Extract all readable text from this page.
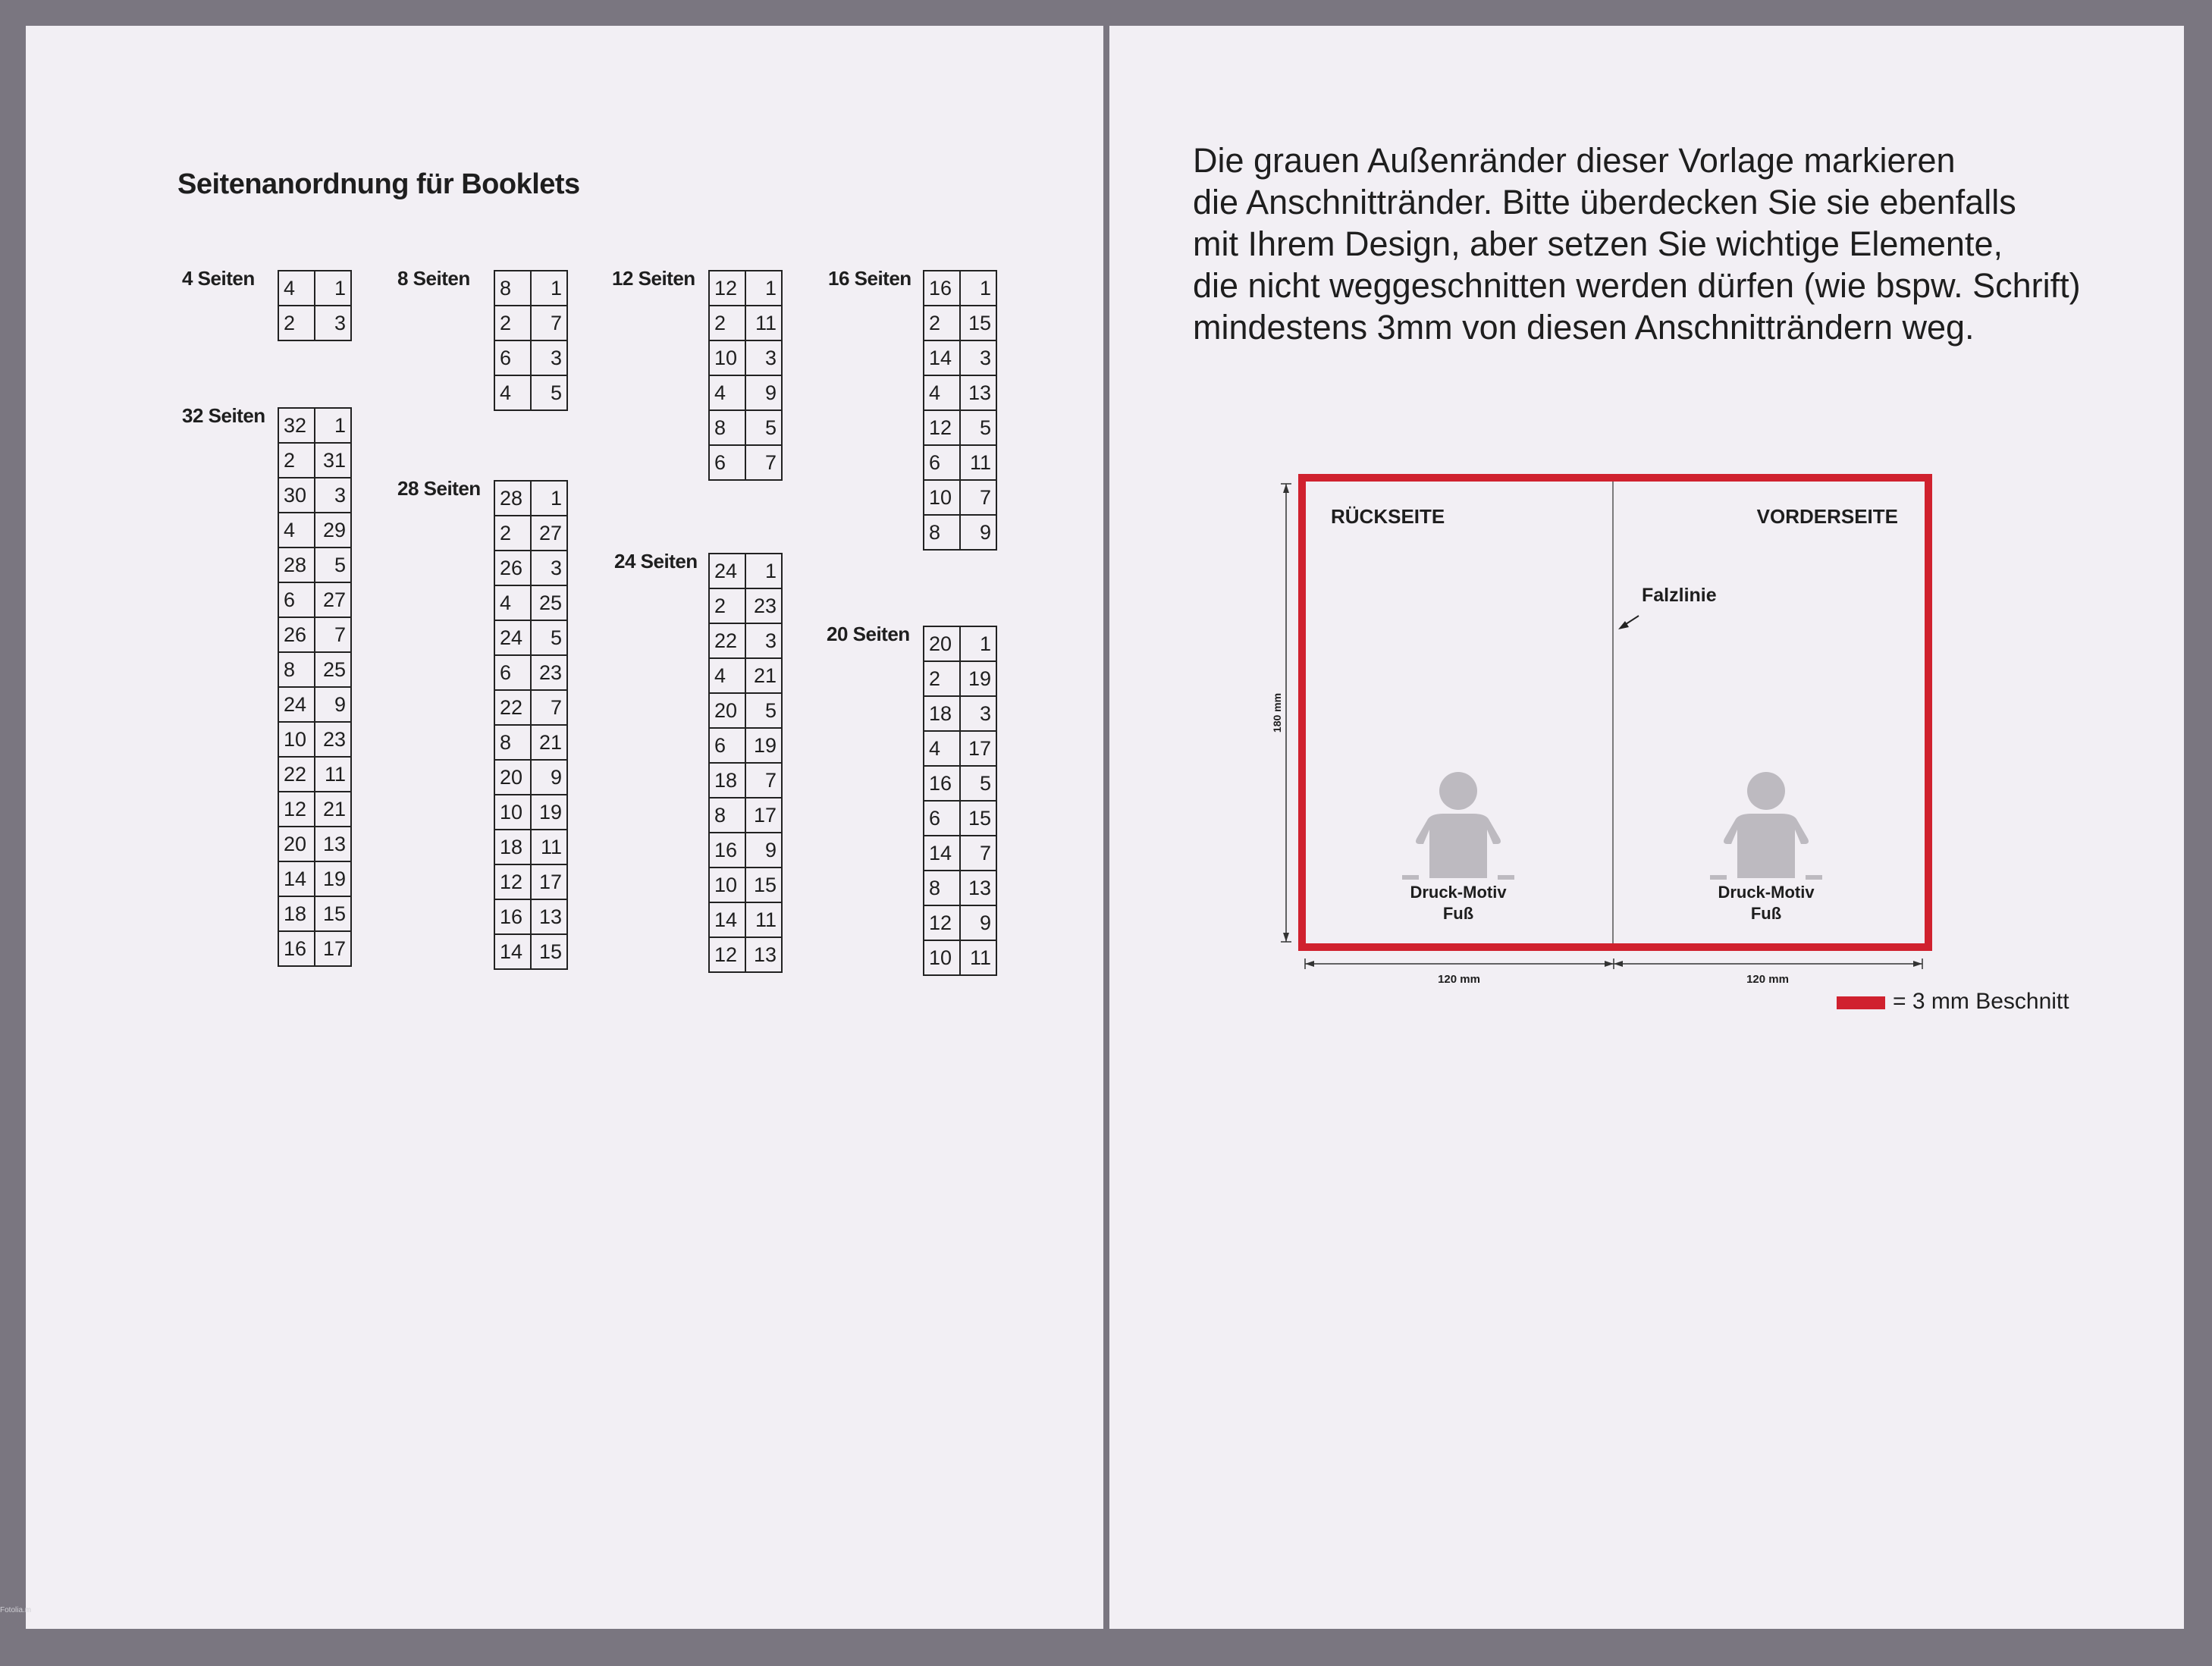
Seitenanordnung für Booklets
4 Seiten 4	1
2	3
8 Seiten 8	1
2	7
6	3
4	5
12 Seiten 12	1
2	11
10	3
4	9
8	5
6	7
16 Seiten 16	1
2	15
14	3
4	13
12	5
6	11
10	7
8	9
32 Seiten 32	1
2	31
30	3
4	29
28	5
6	27
26	7
8	25
24	9
10	23
22	11
12	21
20	13
14	19
18	15
16	17
28 Seiten 28	1
2	27
26	3
4	25
24	5
6	23
22	7
8	21
20	9
10	19
18	11
12	17
16	13
14	15
24 Seiten 24	1
2	23
22	3
4	21
20	5
6	19
18	7
8	17
16	9
10	15
14	11
12	13
20 Seiten 20	1
2	19
18	3
4	17
16	5
6	15
14	7
8	13
12	9
10	11
Die grauen Außenränder dieser Vorlage markieren
die Anschnittränder. Bitte überdecken Sie sie ebenfalls
mit Ihrem Design, aber setzen Sie wichtige Elemente,
die nicht weggeschnitten werden dürfen (wie bspw. Schrift)
mindestens 3mm von diesen Anschnitträndern weg.
RÜCKSEITE	VORDERSEITE
Falzlinie
Druck-Motiv
Fuß
Druck-Motiv
Fuß
180 mm
120 mm	120 mm
= 3 mm Beschnitt
Fotolia.m
